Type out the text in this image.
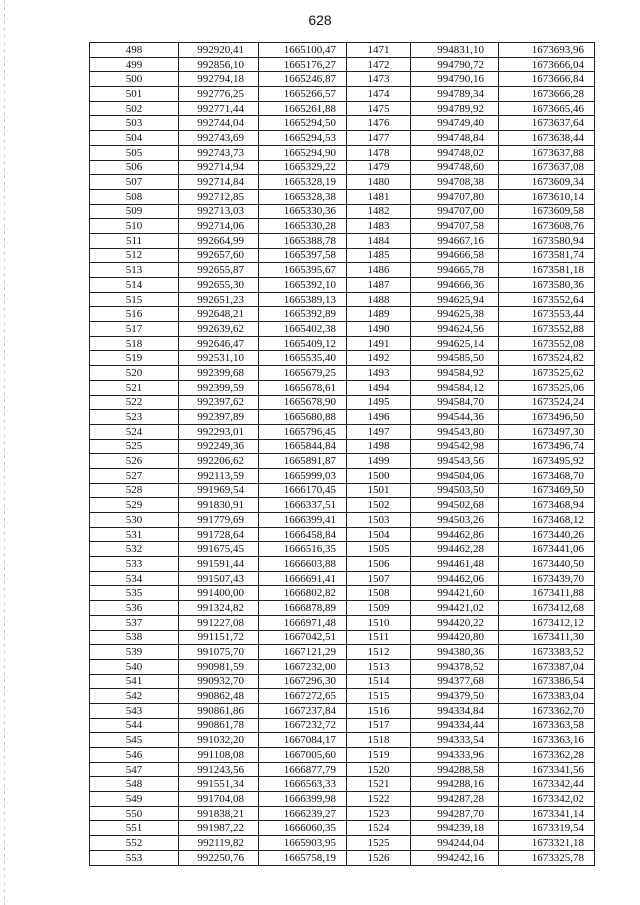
628
498	992920,41	1665100,47	1471	994831,10	1673693,96
499	992856,10	1665176,27	1472	994790,72	1673666,04
500	992794,18	1665246,87	1473	994790,16	1673666,84
501	992776,25	1665266,57	1474	994789,34	1673666,28
502	992771,44	1665261,88	1475	994789,92	1673665,46
503	992744,04	1665294,50	1476	994749,40	1673637,64
504	992743,69	1665294,53	1477	994748,84	1673638,44
505	992743,73	1665294,90	1478	994748,02	1673637,88
506	992714,94	1665329,22	1479	994748,60	1673637,08
507	992714,84	1665328,19	1480	994708,38	1673609,34
508	992712,85	1665328,38	1481	994707,80	1673610,14
509	992713,03	1665330,36	1482	994707,00	1673609,58
510	992714,06	1665330,28	1483	994707,58	1673608,76
511	992664,99	1665388,78	1484	994667,16	1673580,94
512	992657,60	1665397,58	1485	994666,58	1673581,74
513	992655,87	1665395,67	1486	994665,78	1673581,18
514	992655,30	1665392,10	1487	994666,36	1673580,36
515	992651,23	1665389,13	1488	994625,94	1673552,64
516	992648,21	1665392,89	1489	994625,38	1673553,44
517	992639,62	1665402,38	1490	994624,56	1673552,88
518	992646,47	1665409,12	1491	994625,14	1673552,08
519	992531,10	1665535,40	1492	994585,50	1673524,82
520	992399,68	1665679,25	1493	994584,92	1673525,62
521	992399,59	1665678,61	1494	994584,12	1673525,06
522	992397,62	1665678,90	1495	994584,70	1673524,24
523	992397,89	1665680,88	1496	994544,36	1673496,50
524	992293,01	1665796,45	1497	994543,80	1673497,30
525	992249,36	1665844,84	1498	994542,98	1673496,74
526	992206,62	1665891,87	1499	994543,56	1673495,92
527	992113,59	1665999,03	1500	994504,06	1673468,70
528	991969,54	1666170,45	1501	994503,50	1673469,50
529	991830,91	1666337,51	1502	994502,68	1673468,94
530	991779,69	1666399,41	1503	994503,26	1673468,12
531	991728,64	1666458,84	1504	994462,86	1673440,26
532	991675,45	1666516,35	1505	994462,28	1673441,06
533	991591,44	1666603,88	1506	994461,48	1673440,50
534	991507,43	1666691,41	1507	994462,06	1673439,70
535	991400,00	1666802,82	1508	994421,60	1673411,88
536	991324,82	1666878,89	1509	994421,02	1673412,68
537	991227,08	1666971,48	1510	994420,22	1673412,12
538	991151,72	1667042,51	1511	994420,80	1673411,30
539	991075,70	1667121,29	1512	994380,36	1673383,52
540	990981,59	1667232,00	1513	994378,52	1673387,04
541	990932,70	1667296,30	1514	994377,68	1673386,54
542	990862,48	1667272,65	1515	994379,50	1673383,04
543	990861,86	1667237,84	1516	994334,84	1673362,70
544	990861,78	1667232,72	1517	994334,44	1673363,58
545	991032,20	1667084,17	1518	994333,54	1673363,16
546	991108,08	1667005,60	1519	994333,96	1673362,28
547	991243,56	1666877,79	1520	994288,58	1673341,56
548	991551,34	1666563,33	1521	994288,16	1673342,44
549	991704,08	1666399,98	1522	994287,28	1673342,02
550	991838,21	1666239,27	1523	994287,70	1673341,14
551	991987,22	1666060,35	1524	994239,18	1673319,54
552	992119,82	1665903,95	1525	994244,04	1673321,18
553	992250,76	1665758,19	1526	994242,16	1673325,78
